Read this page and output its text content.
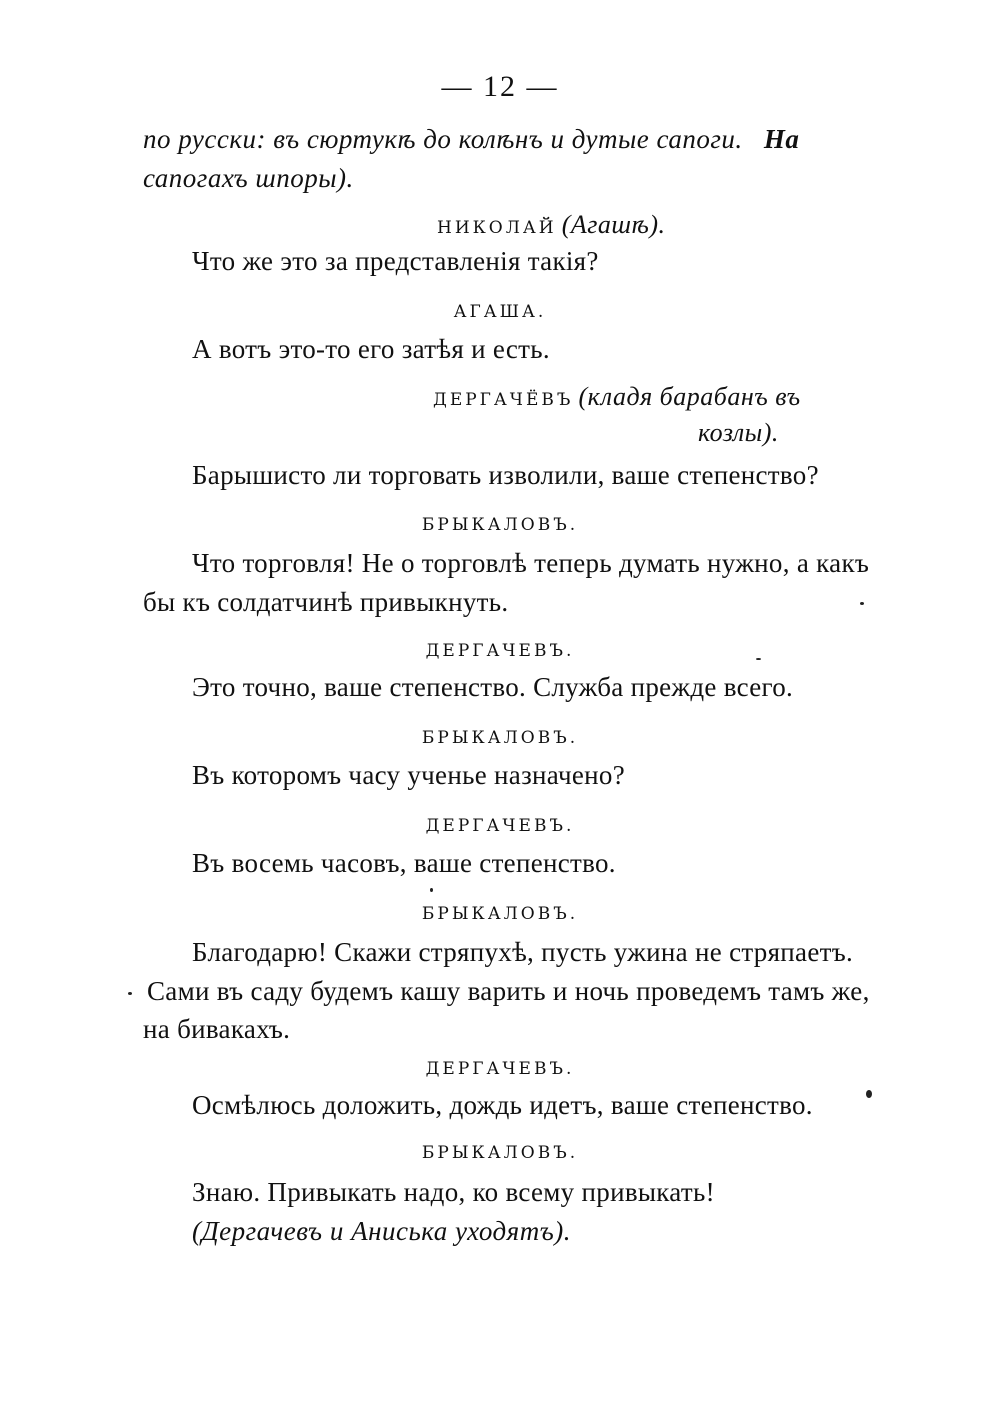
— 12 —
по русски: въ сюртукѣ до колѣнъ и дутые сапоги. На
сапогахъ шпоры).
НИКОЛАЙ (Агашѣ).
Что же это за представленія такія?
АГАША.
А вотъ это-то его затѣя и есть.
ДЕРГАЧЁВЪ (кладя барабанъ въ
козлы).
Барышисто ли торговать изволили, ваше степенство?
БРЫКАЛОВЪ.
Что торговля! Не о торговлѣ теперь думать нужно, а какъ
бы къ солдатчинѣ привыкнуть.
ДЕРГАЧЕВЪ.
Это точно, ваше степенство. Служба прежде всего.
БРЫКАЛОВЪ.
Въ которомъ часу ученье назначено?
ДЕРГАЧЕВЪ.
Въ восемь часовъ, ваше степенство.
БРЫКАЛОВЪ.
Благодарю! Скажи стряпухѣ, пусть ужина не стряпаетъ.
Сами въ саду будемъ кашу варить и ночь проведемъ тамъ же,
на бивакахъ.
ДЕРГАЧЕВЪ.
Осмѣлюсь доложить, дождь идетъ, ваше степенство.
БРЫКАЛОВЪ.
Знаю. Привыкать надо, ко всему привыкать!
(Дергачевъ и Аниська уходятъ).
